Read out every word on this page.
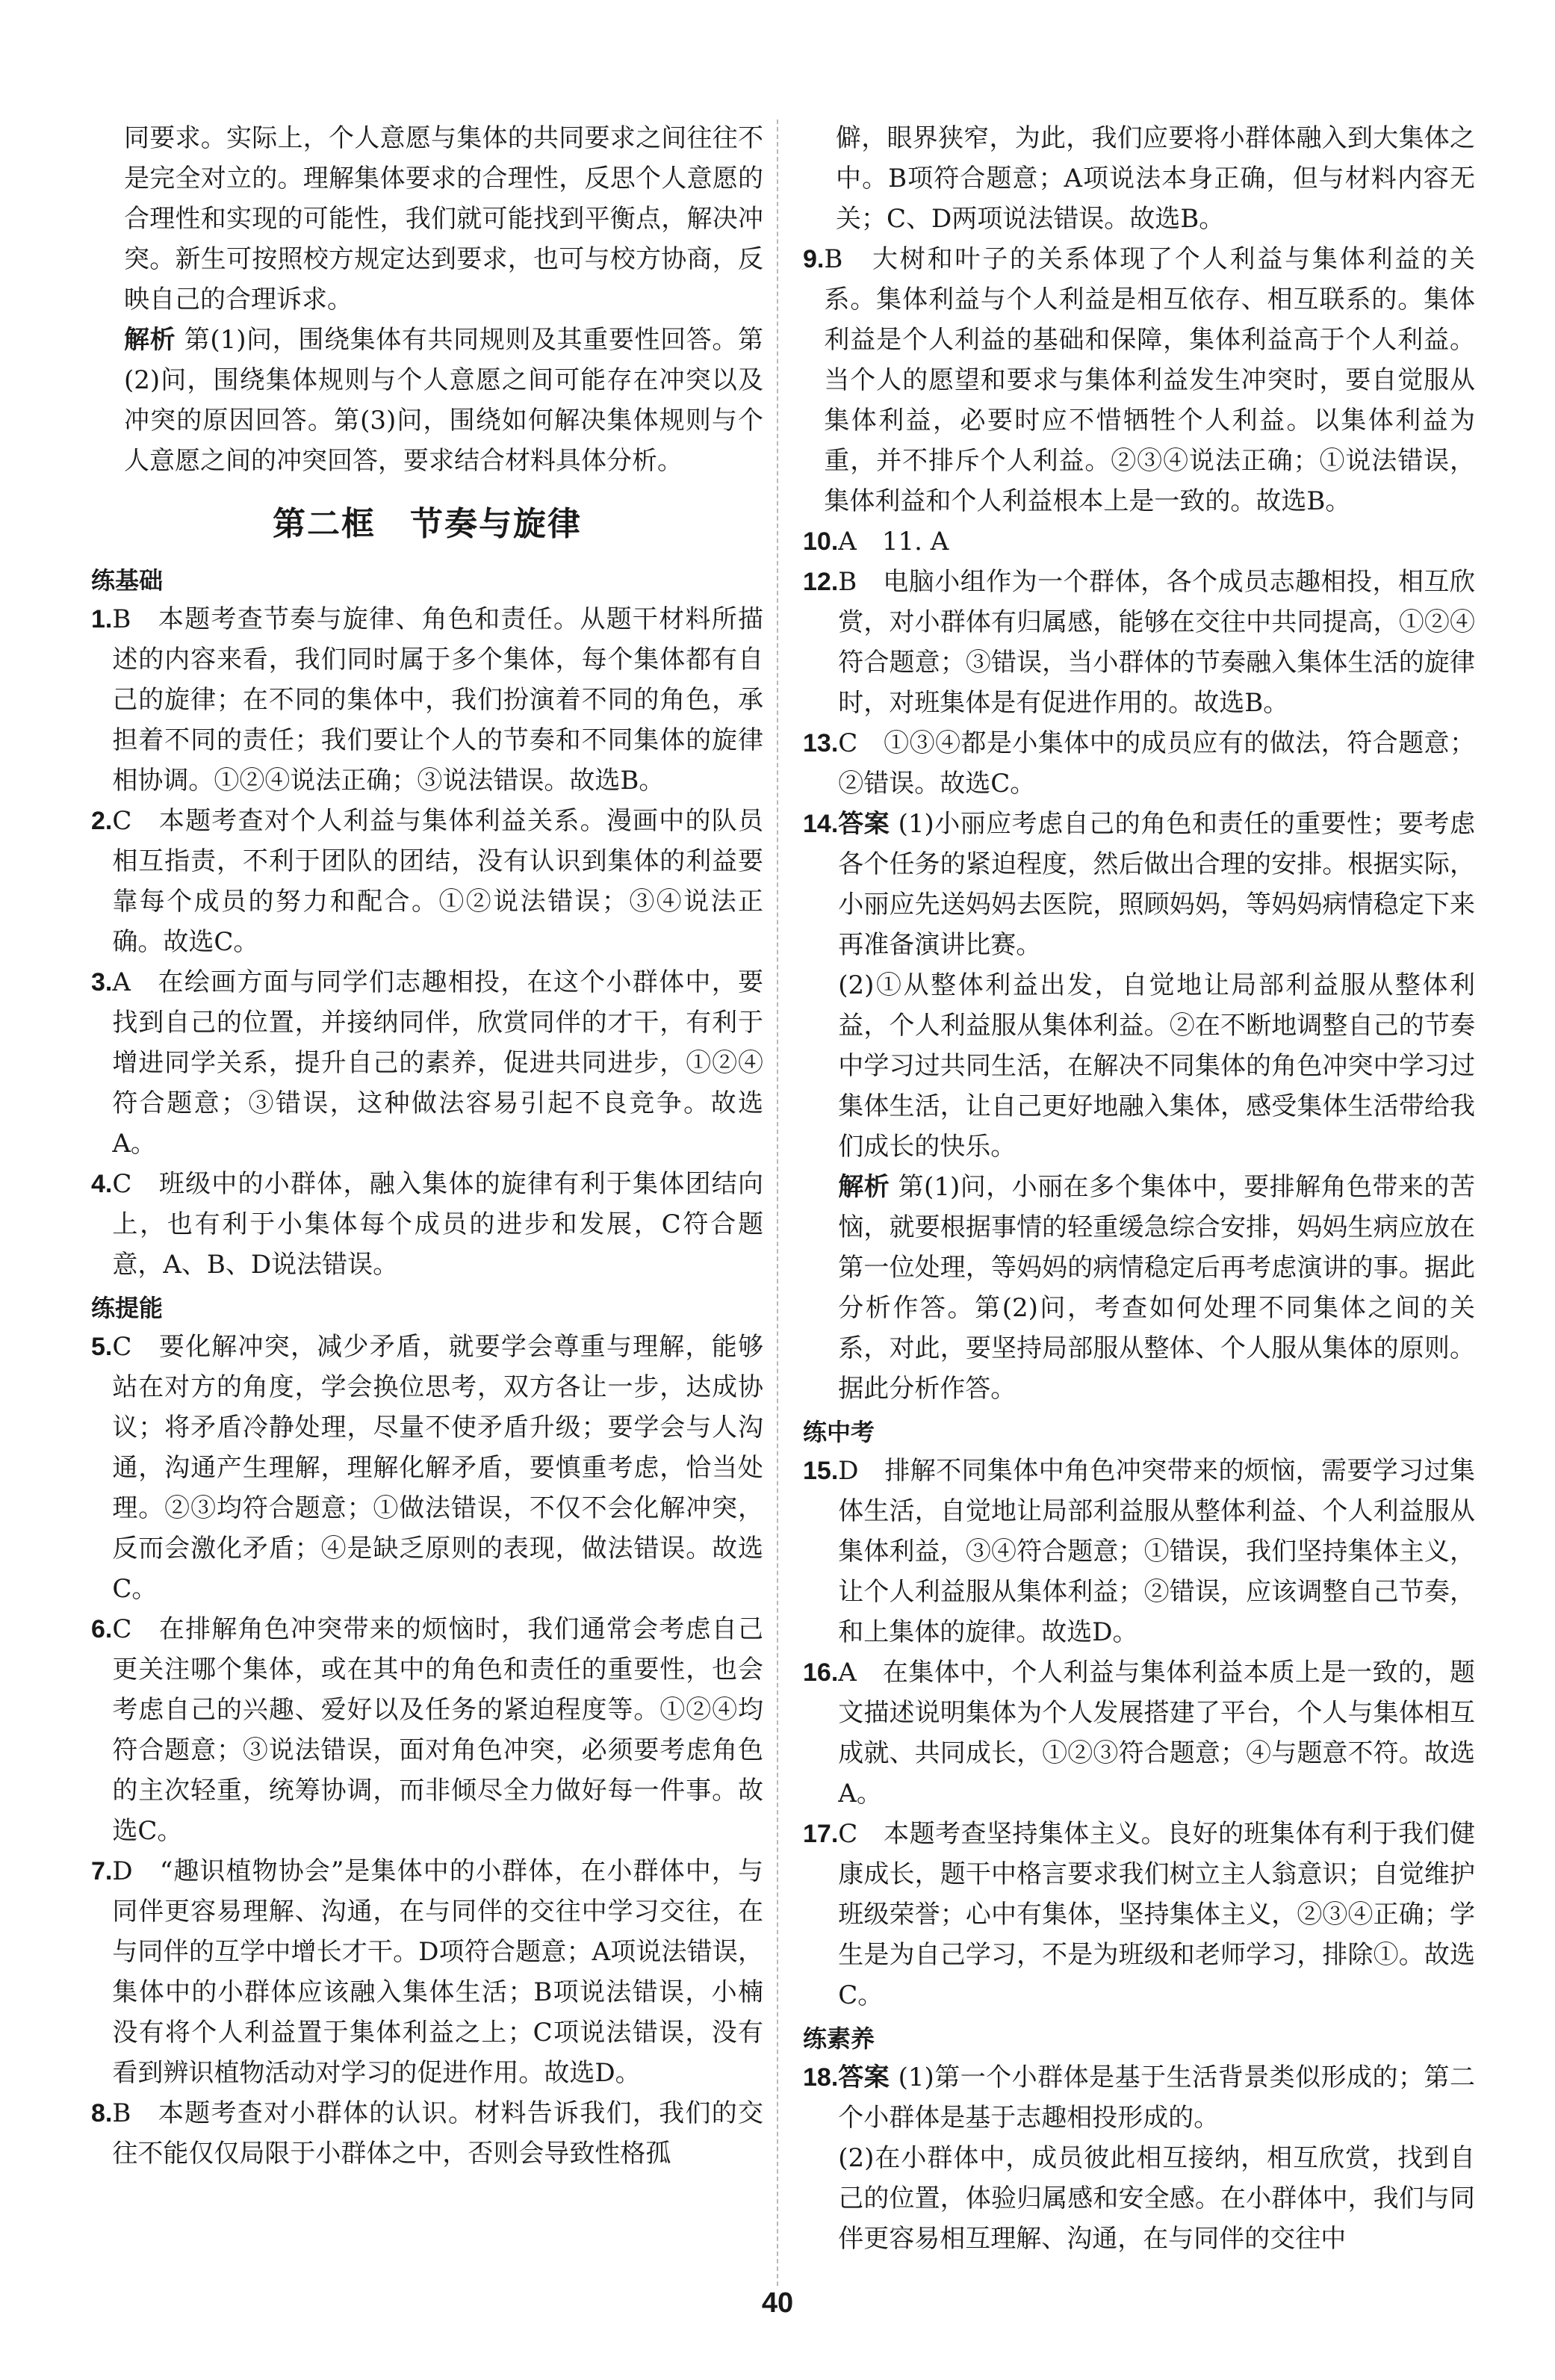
同要求。实际上，个人意愿与集体的共同要求之间往往不是完全对立的。理解集体要求的合理性，反思个人意愿的合理性和实现的可能性，我们就可能找到平衡点，解决冲突。新生可按照校方规定达到要求，也可与校方协商，反映自己的合理诉求。

解析 第(1)问，围绕集体有共同规则及其重要性回答。第(2)问，围绕集体规则与个人意愿之间可能存在冲突以及冲突的原因回答。第(3)问，围绕如何解决集体规则与个人意愿之间的冲突回答，要求结合材料具体分析。

第二框　节奏与旋律
练基础
1. B　本题考查节奏与旋律、角色和责任。从题干材料所描述的内容来看，我们同时属于多个集体，每个集体都有自己的旋律；在不同的集体中，我们扮演着不同的角色，承担着不同的责任；我们要让个人的节奏和不同集体的旋律相协调。①②④说法正确；③说法错误。故选B。

2. C　本题考查对个人利益与集体利益关系。漫画中的队员相互指责，不利于团队的团结，没有认识到集体的利益要靠每个成员的努力和配合。①②说法错误；③④说法正确。故选C。

3. A　在绘画方面与同学们志趣相投，在这个小群体中，要找到自己的位置，并接纳同伴，欣赏同伴的才干，有利于增进同学关系，提升自己的素养，促进共同进步，①②④符合题意；③错误，这种做法容易引起不良竞争。故选A。

4. C　班级中的小群体，融入集体的旋律有利于集体团结向上，也有利于小集体每个成员的进步和发展，C符合题意，A、B、D说法错误。

练提能
5. C　要化解冲突，减少矛盾，就要学会尊重与理解，能够站在对方的角度，学会换位思考，双方各让一步，达成协议；将矛盾冷静处理，尽量不使矛盾升级；要学会与人沟通，沟通产生理解，理解化解矛盾，要慎重考虑，恰当处理。②③均符合题意；①做法错误，不仅不会化解冲突，反而会激化矛盾；④是缺乏原则的表现，做法错误。故选C。

6. C　在排解角色冲突带来的烦恼时，我们通常会考虑自己更关注哪个集体，或在其中的角色和责任的重要性，也会考虑自己的兴趣、爱好以及任务的紧迫程度等。①②④均符合题意；③说法错误，面对角色冲突，必须要考虑角色的主次轻重，统筹协调，而非倾尽全力做好每一件事。故选C。

7. D　“趣识植物协会”是集体中的小群体，在小群体中，与同伴更容易理解、沟通，在与同伴的交往中学习交往，在与同伴的互学中增长才干。D项符合题意；A项说法错误，集体中的小群体应该融入集体生活；B项说法错误，小楠没有将个人利益置于集体利益之上；C项说法错误，没有看到辨识植物活动对学习的促进作用。故选D。

8. B　本题考查对小群体的认识。材料告诉我们，我们的交往不能仅仅局限于小群体之中，否则会导致性格孤

僻，眼界狭窄，为此，我们应要将小群体融入到大集体之中。B项符合题意；A项说法本身正确，但与材料内容无关；C、D两项说法错误。故选B。

9. B　大树和叶子的关系体现了个人利益与集体利益的关系。集体利益与个人利益是相互依存、相互联系的。集体利益是个人利益的基础和保障，集体利益高于个人利益。当个人的愿望和要求与集体利益发生冲突时，要自觉服从集体利益，必要时应不惜牺牲个人利益。以集体利益为重，并不排斥个人利益。②③④说法正确；①说法错误，集体利益和个人利益根本上是一致的。故选B。

10. A　11. A

12. B　电脑小组作为一个群体，各个成员志趣相投，相互欣赏，对小群体有归属感，能够在交往中共同提高，①②④符合题意；③错误，当小群体的节奏融入集体生活的旋律时，对班集体是有促进作用的。故选B。

13. C　①③④都是小集体中的成员应有的做法，符合题意；②错误。故选C。

14. 答案 (1)小丽应考虑自己的角色和责任的重要性；要考虑各个任务的紧迫程度，然后做出合理的安排。根据实际，小丽应先送妈妈去医院，照顾妈妈，等妈妈病情稳定下来再准备演讲比赛。

(2)①从整体利益出发，自觉地让局部利益服从整体利益，个人利益服从集体利益。②在不断地调整自己的节奏中学习过共同生活，在解决不同集体的角色冲突中学习过集体生活，让自己更好地融入集体，感受集体生活带给我们成长的快乐。

解析 第(1)问，小丽在多个集体中，要排解角色带来的苦恼，就要根据事情的轻重缓急综合安排，妈妈生病应放在第一位处理，等妈妈的病情稳定后再考虑演讲的事。据此分析作答。第(2)问，考查如何处理不同集体之间的关系，对此，要坚持局部服从整体、个人服从集体的原则。据此分析作答。

练中考
15. D　排解不同集体中角色冲突带来的烦恼，需要学习过集体生活，自觉地让局部利益服从整体利益、个人利益服从集体利益，③④符合题意；①错误，我们坚持集体主义，让个人利益服从集体利益；②错误，应该调整自己节奏，和上集体的旋律。故选D。

16. A　在集体中，个人利益与集体利益本质上是一致的，题文描述说明集体为个人发展搭建了平台，个人与集体相互成就、共同成长，①②③符合题意；④与题意不符。故选A。

17. C　本题考查坚持集体主义。良好的班集体有利于我们健康成长，题干中格言要求我们树立主人翁意识；自觉维护班级荣誉；心中有集体，坚持集体主义，②③④正确；学生是为自己学习，不是为班级和老师学习，排除①。故选C。

练素养
18. 答案 (1)第一个小群体是基于生活背景类似形成的；第二个小群体是基于志趣相投形成的。

(2)在小群体中，成员彼此相互接纳，相互欣赏，找到自己的位置，体验归属感和安全感。在小群体中，我们与同伴更容易相互理解、沟通，在与同伴的交往中

40
